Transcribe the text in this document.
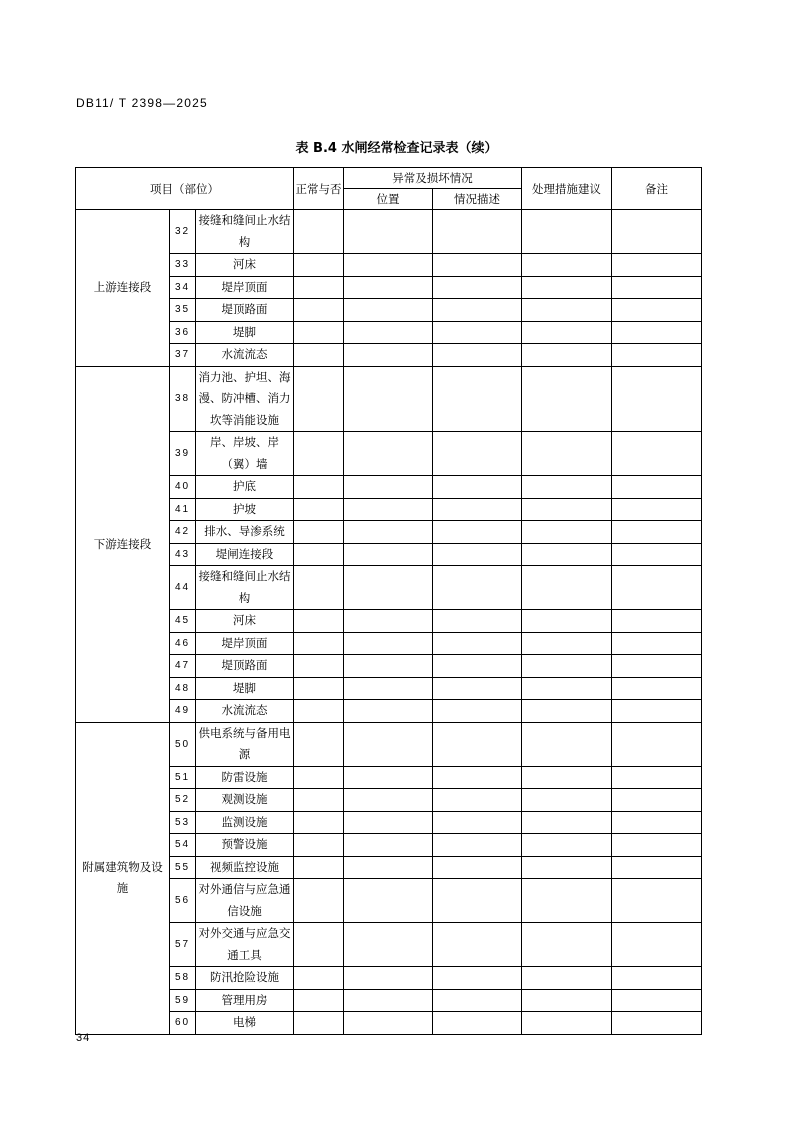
DB11/ T 2398—2025
表 B.4 水闸经常检查记录表（续）
项目（部位）			正常与否	异常及损坏情况		处理措施建议	备注
				位置	情况描述		
上游连接段	32	接缝和缝间止水结构					
	33	河床					
	34	堤岸顶面					
	35	堤顶路面					
	36	堤脚					
	37	水流流态					
下游连接段	38	消力池、护坦、海漫、防冲槽、消力坎等消能设施					
	39	岸、岸坡、岸（翼）墙					
	40	护底					
	41	护坡					
	42	排水、导渗系统					
	43	堤闸连接段					
	44	接缝和缝间止水结构					
	45	河床					
	46	堤岸顶面					
	47	堤顶路面					
	48	堤脚					
	49	水流流态					
附属建筑物及设施	50	供电系统与备用电源					
	51	防雷设施					
	52	观测设施					
	53	监测设施					
	54	预警设施					
	55	视频监控设施					
	56	对外通信与应急通信设施					
	57	对外交通与应急交通工具					
	58	防汛抢险设施					
	59	管理用房					
	60	电梯					
34
